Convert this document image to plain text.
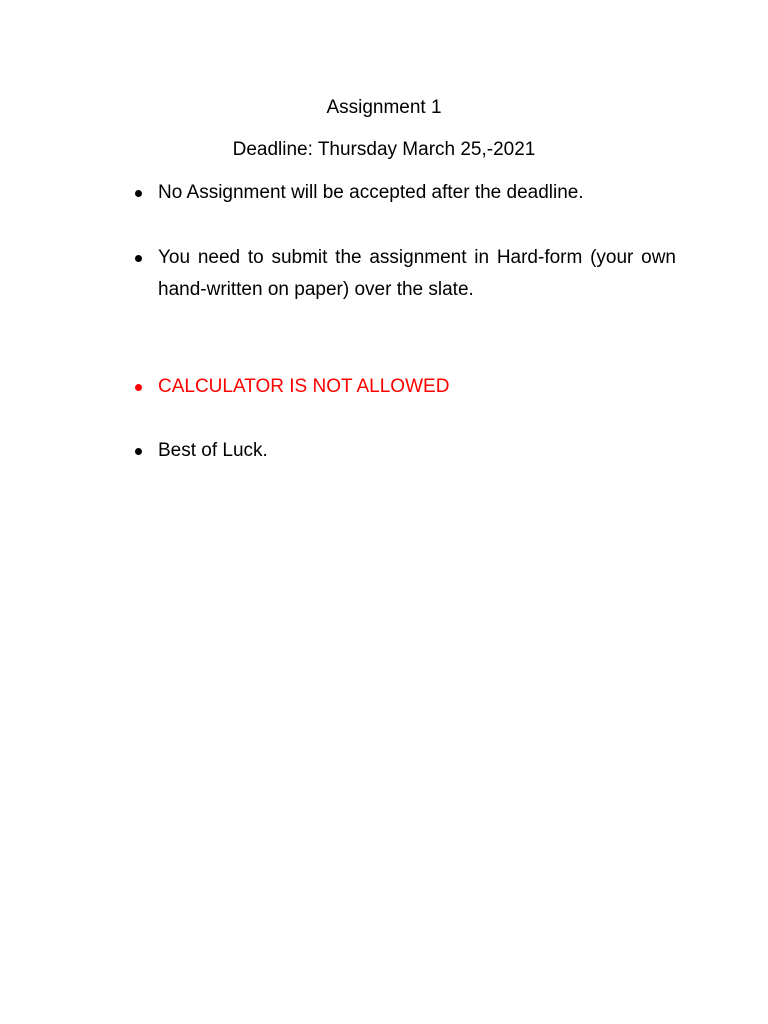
Assignment 1
Deadline: Thursday March 25,-2021
No Assignment will be accepted after the deadline.
You need to submit the assignment in Hard-form (your own hand-written on paper) over the slate.
CALCULATOR IS NOT ALLOWED
Best of Luck.
